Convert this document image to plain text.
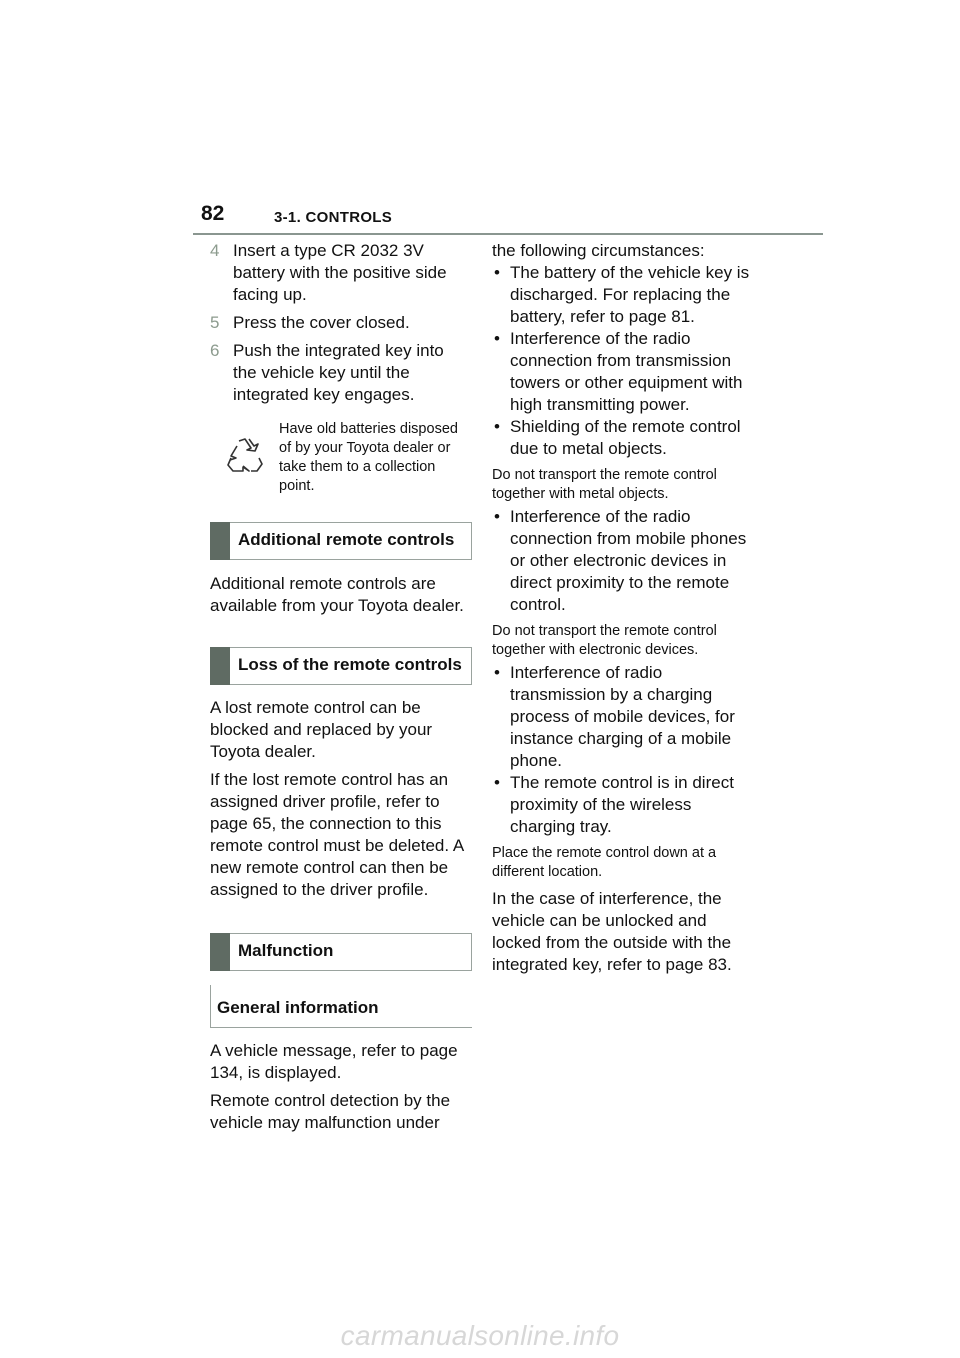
82	3-1. CONTROLS
4 Insert a type CR 2032 3V battery with the positive side facing up.
5 Press the cover closed.
6 Push the integrated key into the vehicle key until the integrated key engages.
Have old batteries disposed of by your Toyota dealer or take them to a collection point.
Additional remote controls

Additional remote controls are available from your Toyota dealer.

Loss of the remote controls

A lost remote control can be blocked and replaced by your Toyota dealer.

If the lost remote control has an assigned driver profile, refer to page 65, the connection to this remote control must be deleted. A new remote control can then be assigned to the driver profile.

Malfunction
General information

A vehicle message, refer to page 134, is displayed.

Remote control detection by the vehicle may malfunction under

the following circumstances:

• The battery of the vehicle key is discharged. For replacing the battery, refer to page 81.

• Interference of the radio connection from transmission towers or other equipment with high transmitting power.

• Shielding of the remote control due to metal objects.

Do not transport the remote control together with metal objects.

• Interference of the radio connection from mobile phones or other electronic devices in direct proximity to the remote control.

Do not transport the remote control together with electronic devices.

• Interference of radio transmission by a charging process of mobile devices, for instance charging of a mobile phone.

• The remote control is in direct proximity of the wireless charging tray.

Place the remote control down at a different location.

In the case of interference, the vehicle can be unlocked and locked from the outside with the integrated key, refer to page 83.

carmanualsonline.info
